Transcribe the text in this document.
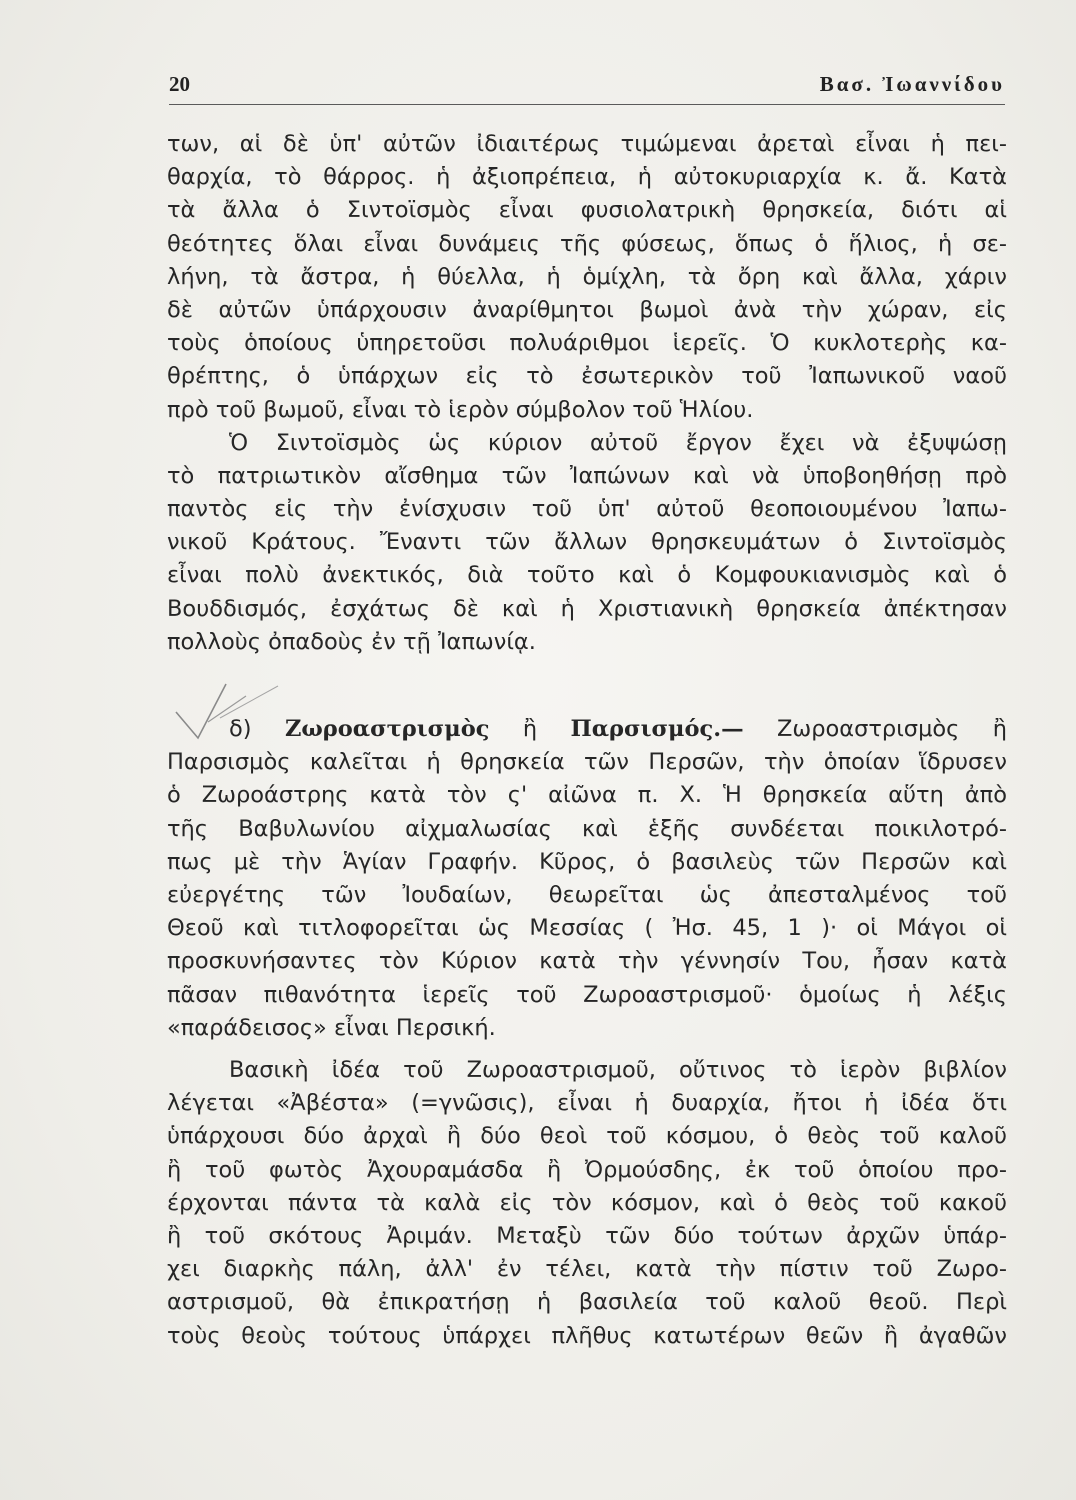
20	Βασ. Ἰωαννίδου
των, αἱ δὲ ὑπ' αὐτῶν ἰδιαιτέρως τιμώμεναι ἀρεταὶ εἶναι ἡ πει-
θαρχία, τὸ θάρρος. ἡ ἀξιοπρέπεια, ἡ αὐτοκυριαρχία κ. ἄ. Κατὰ
τὰ ἄλλα ὁ Σιντοϊσμὸς εἶναι φυσιολατρικὴ θρησκεία, διότι αἱ
θεότητες ὅλαι εἶναι δυνάμεις τῆς φύσεως, ὅπως ὁ ἥλιος, ἡ σε-
λήνη, τὰ ἄστρα, ἡ θύελλα, ἡ ὁμίχλη, τὰ ὄρη καὶ ἄλλα, χάριν
δὲ αὐτῶν ὑπάρχουσιν ἀναρίθμητοι βωμοὶ ἀνὰ τὴν χώραν, εἰς
τοὺς ὁποίους ὑπηρετοῦσι πολυάριθμοι ἱερεῖς. Ὁ κυκλοτερὴς κα-
θρέπτης, ὁ ὑπάρχων εἰς τὸ ἐσωτερικὸν τοῦ Ἰαπωνικοῦ ναοῦ
πρὸ τοῦ βωμοῦ, εἶναι τὸ ἱερὸν σύμβολον τοῦ Ἡλίου.
Ὁ Σιντοϊσμὸς ὡς κύριον αὐτοῦ ἔργον ἔχει νὰ ἐξυψώσῃ
τὸ πατριωτικὸν αἴσθημα τῶν Ἰαπώνων καὶ νὰ ὑποβοηθήσῃ πρὸ
παντὸς εἰς τὴν ἐνίσχυσιν τοῦ ὑπ' αὐτοῦ θεοποιουμένου Ἰαπω-
νικοῦ Κράτους. Ἔναντι τῶν ἄλλων θρησκευμάτων ὁ Σιντοϊσμὸς
εἶναι πολὺ ἀνεκτικός, διὰ τοῦτο καὶ ὁ Κομφουκιανισμὸς καὶ ὁ
Βουδδισμός, ἐσχάτως δὲ καὶ ἡ Χριστιανικὴ θρησκεία ἀπέκτησαν
πολλοὺς ὀπαδοὺς ἐν τῇ Ἰαπωνίᾳ.
δ) Ζωροαστρισμὸς ἢ Παρσισμός.— Ζωροαστρισμὸς ἢ
Παρσισμὸς καλεῖται ἡ θρησκεία τῶν Περσῶν, τὴν ὁποίαν ἵδρυσεν
ὁ Ζωροάστρης κατὰ τὸν ς' αἰῶνα π. Χ. Ἡ θρησκεία αὕτη ἀπὸ
τῆς Βαβυλωνίου αἰχμαλωσίας καὶ ἑξῆς συνδέεται ποικιλοτρό-
πως μὲ τὴν Ἁγίαν Γραφήν. Κῦρος, ὁ βασιλεὺς τῶν Περσῶν καὶ
εὐεργέτης τῶν Ἰουδαίων, θεωρεῖται ὡς ἀπεσταλμένος τοῦ
Θεοῦ καὶ τιτλοφορεῖται ὡς Μεσσίας ( Ἠσ. 45, 1 )· οἱ Μάγοι οἱ
προσκυνήσαντες τὸν Κύριον κατὰ τὴν γέννησίν Του, ἦσαν κατὰ
πᾶσαν πιθανότητα ἱερεῖς τοῦ Ζωροαστρισμοῦ· ὁμοίως ἡ λέξις
«παράδεισος» εἶναι Περσική.
Βασικὴ ἰδέα τοῦ Ζωροαστρισμοῦ, οὔτινος τὸ ἱερὸν βιβλίον
λέγεται «Ἀβέστα» (=γνῶσις), εἶναι ἡ δυαρχία, ἤτοι ἡ ἰδέα ὅτι
ὑπάρχουσι δύο ἀρχαὶ ἢ δύο θεοὶ τοῦ κόσμου, ὁ θεὸς τοῦ καλοῦ
ἢ τοῦ φωτὸς Ἀχουραμάσδα ἢ Ὀρμούσδης, ἐκ τοῦ ὁποίου προ-
έρχονται πάντα τὰ καλὰ εἰς τὸν κόσμον, καὶ ὁ θεὸς τοῦ κακοῦ
ἢ τοῦ σκότους Ἀριμάν. Μεταξὺ τῶν δύο τούτων ἀρχῶν ὑπάρ-
χει διαρκὴς πάλη, ἀλλ' ἐν τέλει, κατὰ τὴν πίστιν τοῦ Ζωρο-
αστρισμοῦ, θὰ ἐπικρατήσῃ ἡ βασιλεία τοῦ καλοῦ θεοῦ. Περὶ
τοὺς θεοὺς τούτους ὑπάρχει πλῆθυς κατωτέρων θεῶν ἢ ἀγαθῶν
